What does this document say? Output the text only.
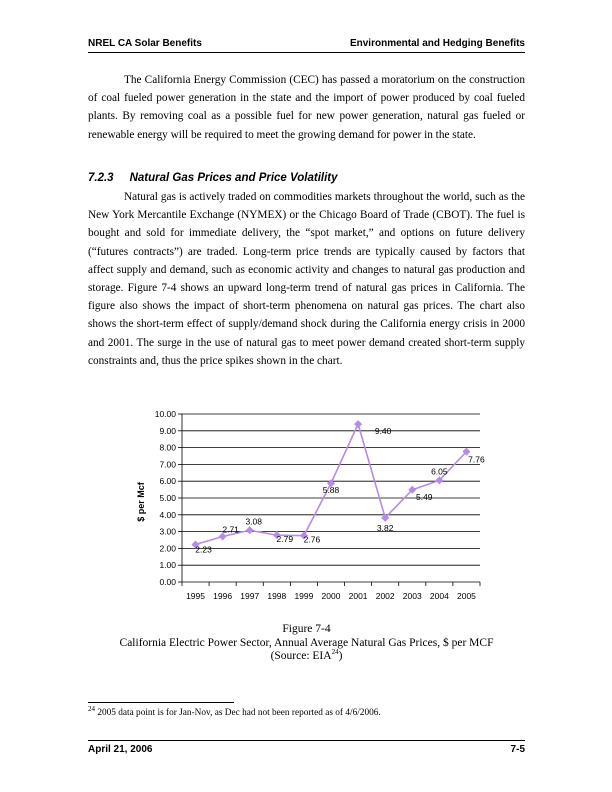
NREL CA Solar Benefits	Environmental and Hedging Benefits

The California Energy Commission (CEC) has passed a moratorium on the construction of coal fueled power generation in the state and the import of power produced by coal fueled plants. By removing coal as a possible fuel for new power generation, natural gas fueled or renewable energy will be required to meet the growing demand for power in the state.

7.2.3 Natural Gas Prices and Price Volatility

Natural gas is actively traded on commodities markets throughout the world, such as the New York Mercantile Exchange (NYMEX) or the Chicago Board of Trade (CBOT). The fuel is bought and sold for immediate delivery, the “spot market,” and options on future delivery (“futures contracts”) are traded. Long-term price trends are typically caused by factors that affect supply and demand, such as economic activity and changes to natural gas production and storage. Figure 7-4 shows an upward long-term trend of natural gas prices in California. The figure also shows the impact of short-term phenomena on natural gas prices. The chart also shows the short-term effect of supply/demand shock during the California energy crisis in 2000 and 2001. The surge in the use of natural gas to meet power demand created short-term supply constraints and, thus the price spikes shown in the chart.

0.00
1.00
2.00
3.00
4.00
5.00
6.00
7.00
8.00
9.00
10.00
1995 1996 1997 1998 1999 2000 2001 2002 2003 2004 2005
2.23
2.71
3.08
2.79 2.76
5.88
9.40
3.82
5.49
6.05
7.76
$ per Mcf
Figure 7-4
California Electric Power Sector, Annual Average Natural Gas Prices, $ per MCF
(Source: EIA$^{24}$)
$^{24}$ 2005 data point is for Jan-Nov, as Dec had not been reported as of 4/6/2006.
April 21, 2006	7-5
